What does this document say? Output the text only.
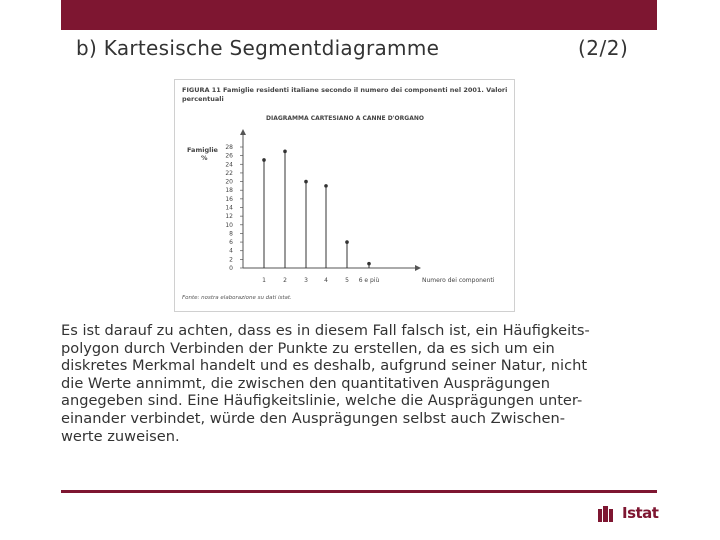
b) Kartesische Segmentdiagramme	(2/2)
FIGURA 11 Famiglie residenti italiane secondo il numero dei componenti nel 2001. Valori
percentuali
DIAGRAMMA CARTESIANO A CANNE D'ORGANO
Famiglie
%
Numero dei componenti
Fonte: nostra elaborazione su dati istat.
0
2
4
6
8
10
12
14
16
18
20
22
24
26
28
1	2	3	4	5 6 e più
Es ist darauf zu achten, dass es in diesem Fall falsch ist, ein Häufigkeits-
polygon durch Verbinden der Punkte zu erstellen, da es sich um ein
diskretes Merkmal handelt und es deshalb, aufgrund seiner Natur, nicht
die Werte annimmt, die zwischen den quantitativen Ausprägungen
angegeben sind. Eine Häufigkeitslinie, welche die Ausprägungen unter-
einander verbindet, würde den Ausprägungen selbst auch Zwischen-
werte zuweisen.
Istat
